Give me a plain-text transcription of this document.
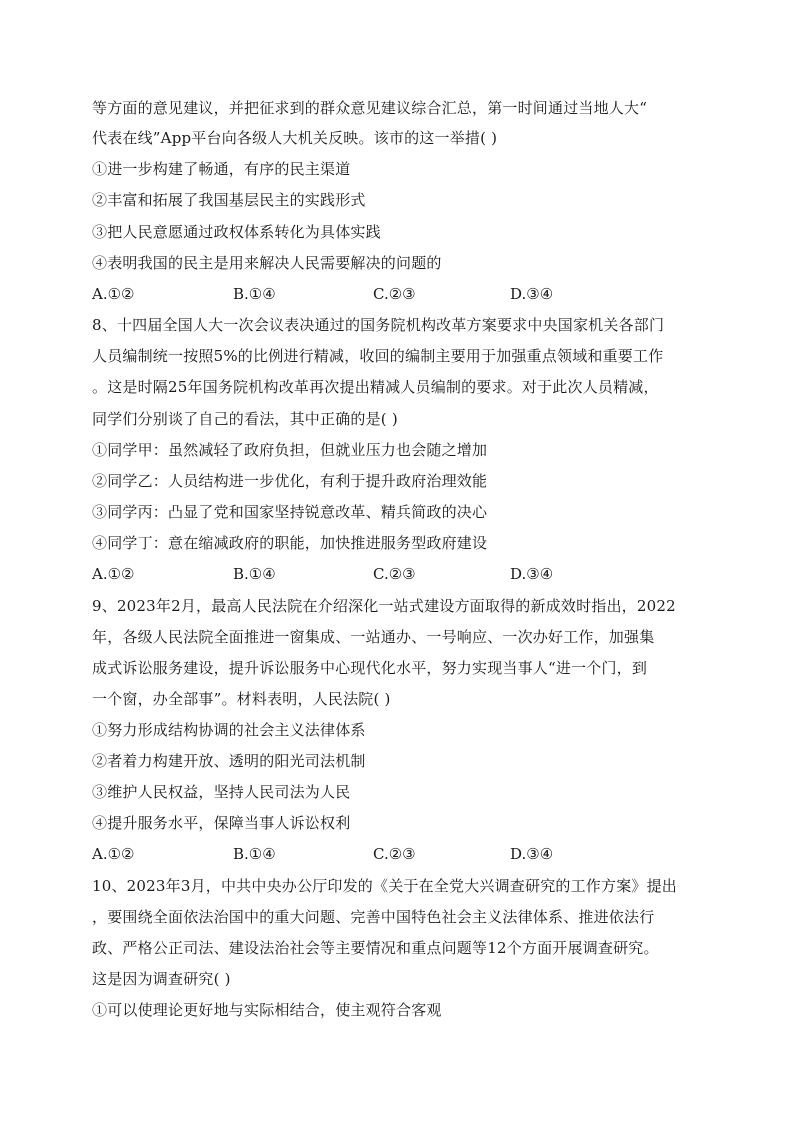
等方面的意见建议，并把征求到的群众意见建议综合汇总，第一时间通过当地人大“
代表在线”App平台向各级人大机关反映。该市的这一举措( )
①进一步构建了畅通，有序的民主渠道
②丰富和拓展了我国基层民主的实践形式
③把人民意愿通过政权体系转化为具体实践
④表明我国的民主是用来解决人民需要解决的问题的
A.①②	B.①④	C.②③	D.③④
8、十四届全国人大一次会议表决通过的国务院机构改革方案要求中央国家机关各部门
人员编制统一按照5%的比例进行精减，收回的编制主要用于加强重点领域和重要工作
。这是时隔25年国务院机构改革再次提出精减人员编制的要求。对于此次人员精减，
同学们分别谈了自己的看法，其中正确的是( )
①同学甲：虽然减轻了政府负担，但就业压力也会随之增加
②同学乙：人员结构进一步优化，有利于提升政府治理效能
③同学丙：凸显了党和国家坚持锐意改革、精兵简政的决心
④同学丁：意在缩减政府的职能，加快推进服务型政府建设
A.①②	B.①④	C.②③	D.③④
9、2023年2月，最高人民法院在介绍深化一站式建设方面取得的新成效时指出，2022
年，各级人民法院全面推进一窗集成、一站通办、一号响应、一次办好工作，加强集
成式诉讼服务建设，提升诉讼服务中心现代化水平，努力实现当事人“进一个门，到
一个窗，办全部事”。材料表明，人民法院( )
①努力形成结构协调的社会主义法律体系
②者着力构建开放、透明的阳光司法机制
③维护人民权益，坚持人民司法为人民
④提升服务水平，保障当事人诉讼权利
A.①②	B.①④	C.②③	D.③④
10、2023年3月，中共中央办公厅印发的《关于在全党大兴调查研究的工作方案》提出
，要围绕全面依法治国中的重大问题、完善中国特色社会主义法律体系、推进依法行
政、严格公正司法、建设法治社会等主要情况和重点问题等12个方面开展调查研究。
这是因为调查研究( )
①可以使理论更好地与实际相结合，使主观符合客观
